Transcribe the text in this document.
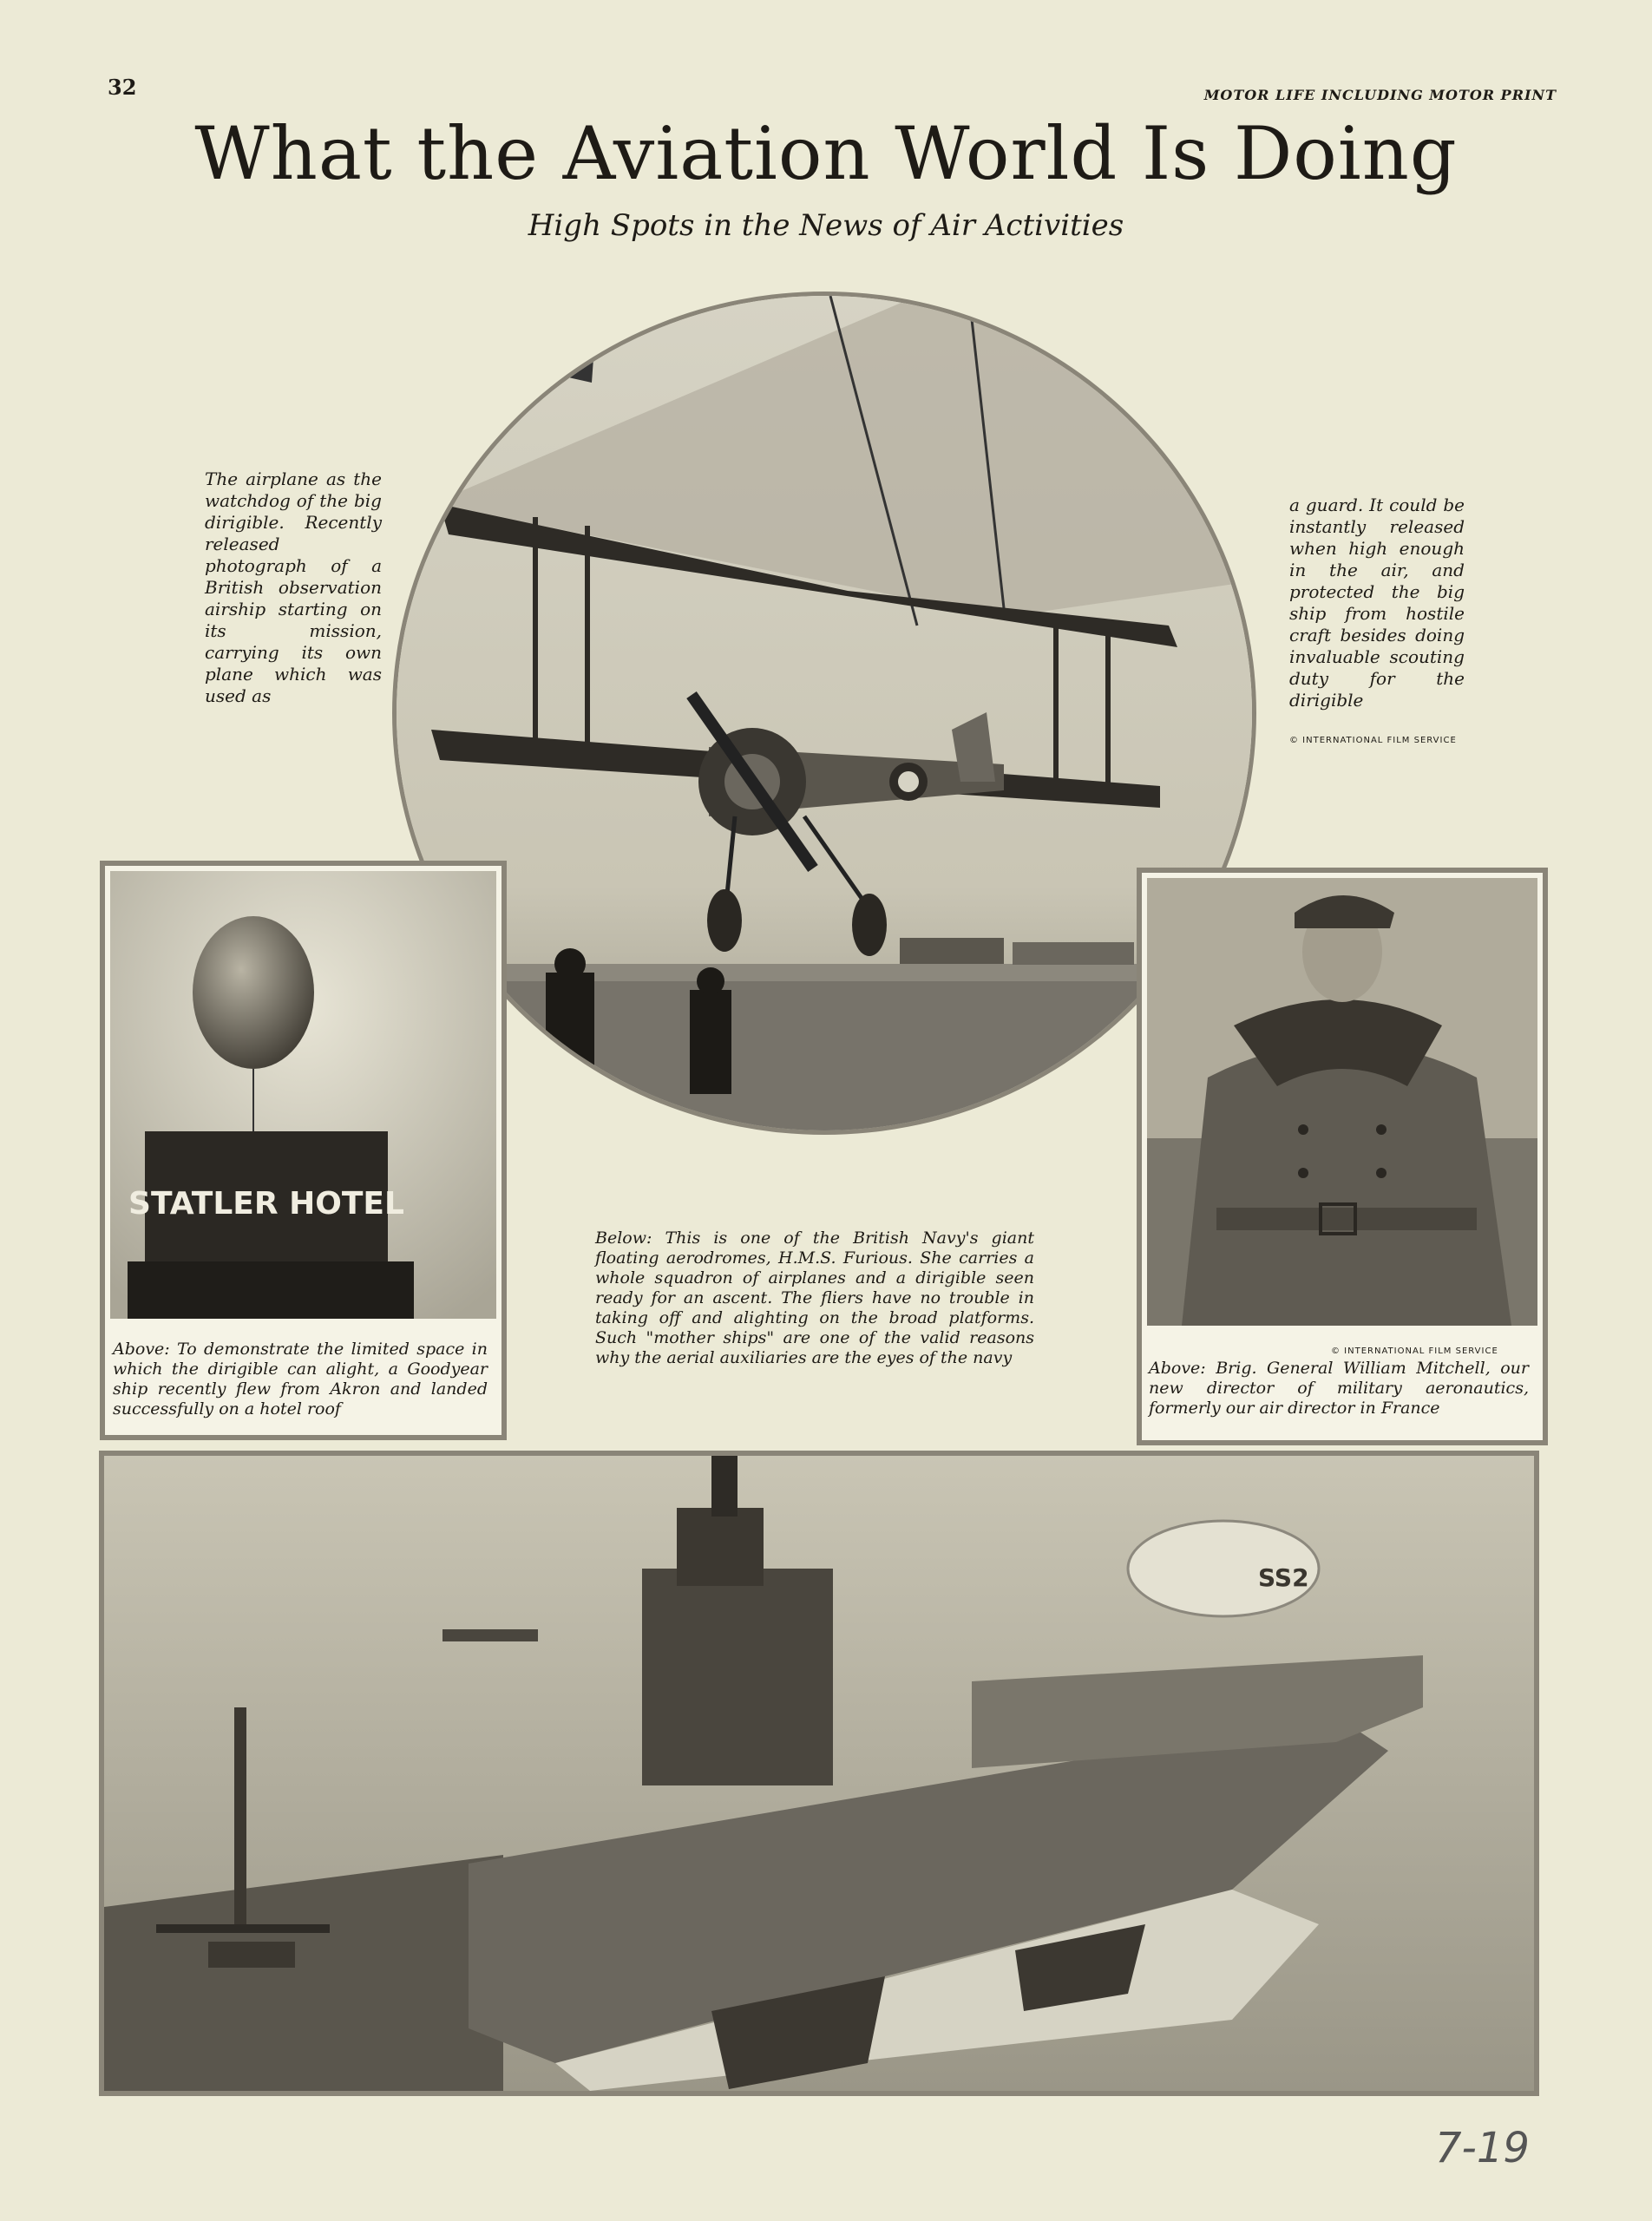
32	MOTOR LIFE INCLUDING MOTOR PRINT
What the Aviation World Is Doing
High Spots in the News of Air Activities
The airplane as the watchdog of the big dirigible. Recently released photograph of a British observation airship starting on its mission, carrying its own plane which was used as
a guard. It could be instantly released when high enough in the air, and protected the big ship from hostile craft besides doing invaluable scouting duty for the dirigible
© INTERNATIONAL FILM SERVICE
STATLER HOTEL
Above: To demonstrate the limited space in which the dirigible can alight, a Goodyear ship recently flew from Akron and landed successfully on a hotel roof
© INTERNATIONAL FILM SERVICE
Above: Brig. General William Mitchell, our new director of military aeronautics, formerly our air director in France
Below: This is one of the British Navy's giant floating aerodromes, H.M.S. Furious. She carries a whole squadron of airplanes and a dirigible seen ready for an ascent. The fliers have no trouble in taking off and alighting on the broad platforms. Such "mother ships" are one of the valid reasons why the aerial auxiliaries are the eyes of the navy
SS2
7-19
